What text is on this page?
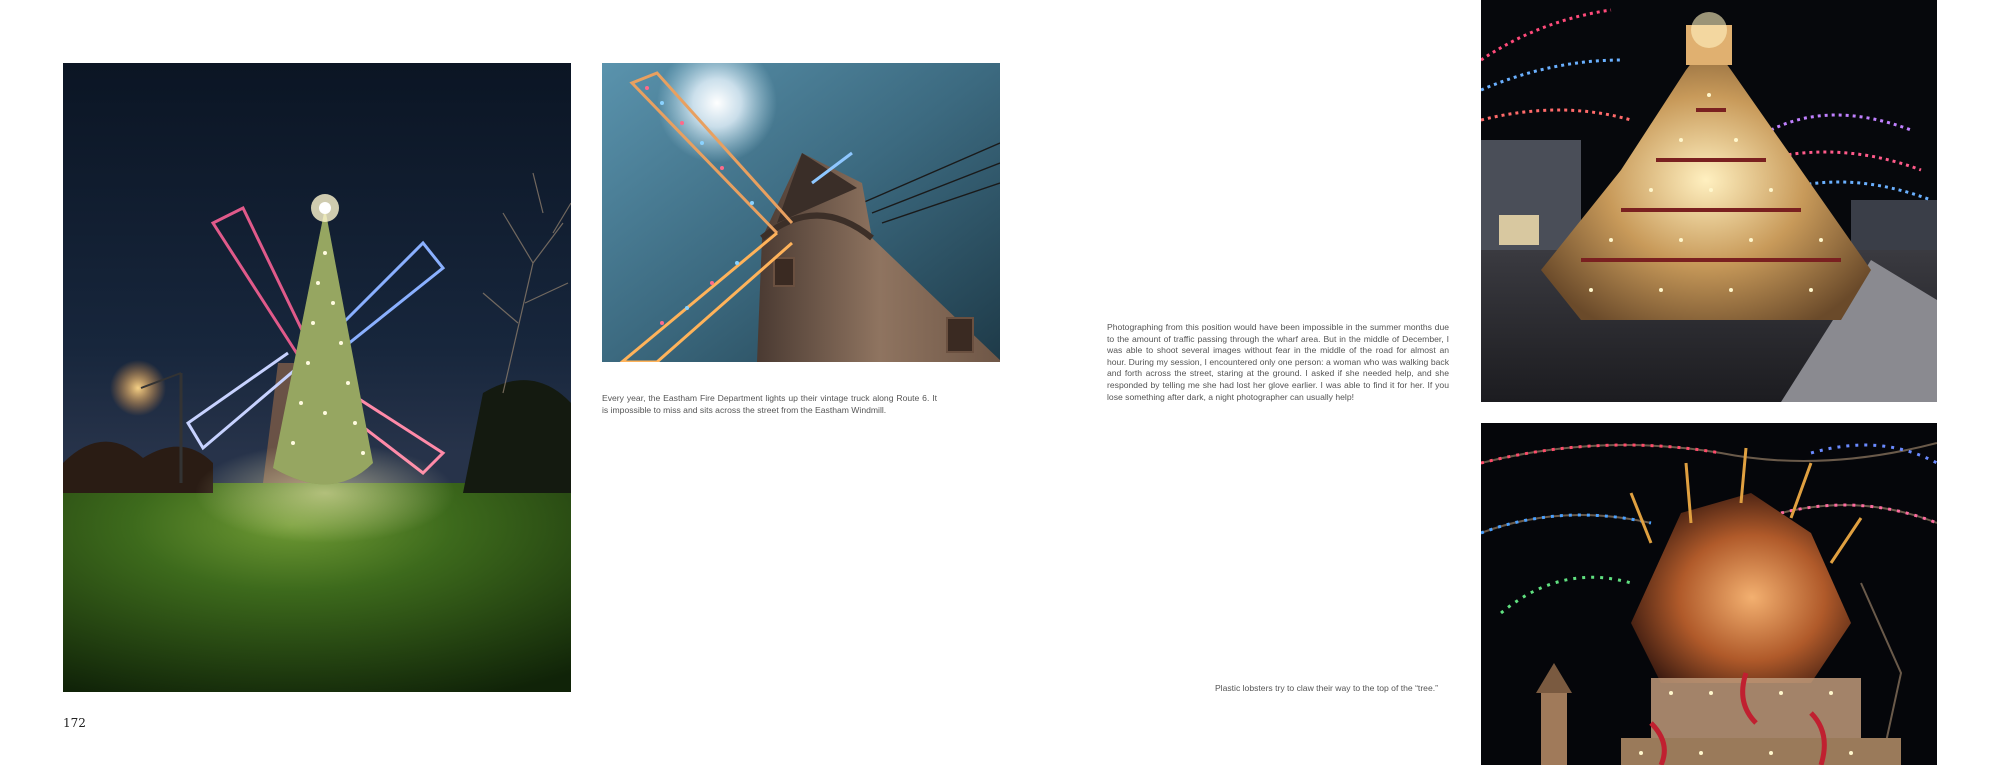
Every year, the Eastham Fire Department lights up their vintage truck along Route 6. It is impossible to miss and sits across the street from the Eastham Windmill.

Photographing from this position would have been impossible in the summer months due to the amount of traffic passing through the wharf area. But in the middle of December, I was able to shoot several images without fear in the middle of the road for almost an hour. During my session, I encountered only one person: a woman who was walking back and forth across the street, staring at the ground. I asked if she needed help, and she responded by telling me she had lost her glove earlier. I was able to find it for her. If you lose something after dark, a night photographer can usually help!

Plastic lobsters try to claw their way to the top of the “tree.”

172
